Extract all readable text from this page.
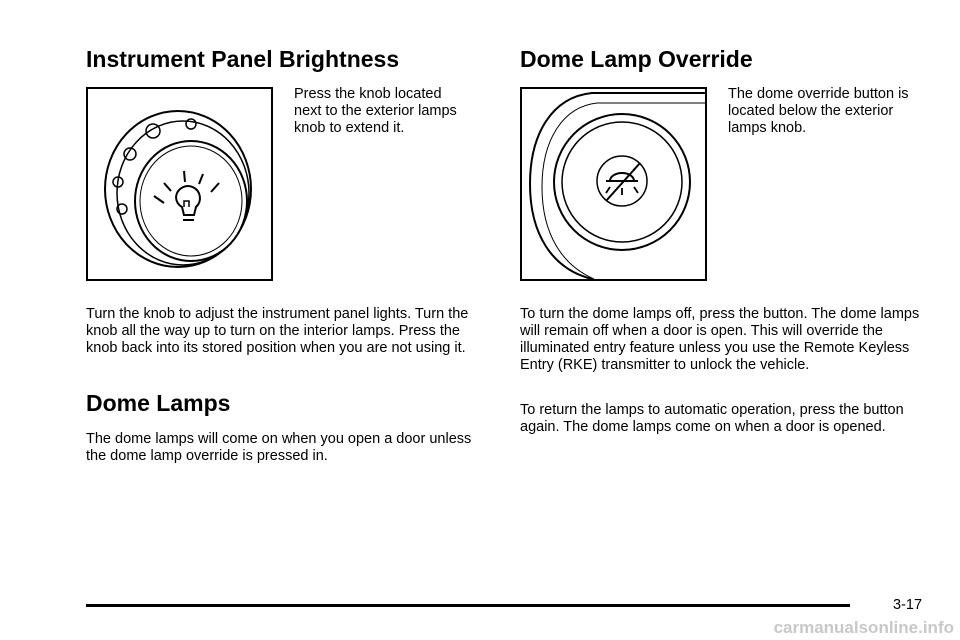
Instrument Panel Brightness

Press the knob located next to the exterior lamps knob to extend it.

Turn the knob to adjust the instrument panel lights. Turn the knob all the way up to turn on the interior lamps. Press the knob back into its stored position when you are not using it.

Dome Lamps

The dome lamps will come on when you open a door unless the dome lamp override is pressed in.

Dome Lamp Override

The dome override button is located below the exterior lamps knob.

To turn the dome lamps off, press the button. The dome lamps will remain off when a door is open. This will override the illuminated entry feature unless you use the Remote Keyless Entry (RKE) transmitter to unlock the vehicle.

To return the lamps to automatic operation, press the button again. The dome lamps come on when a door is opened.

3-17
carmanualsonline.info
